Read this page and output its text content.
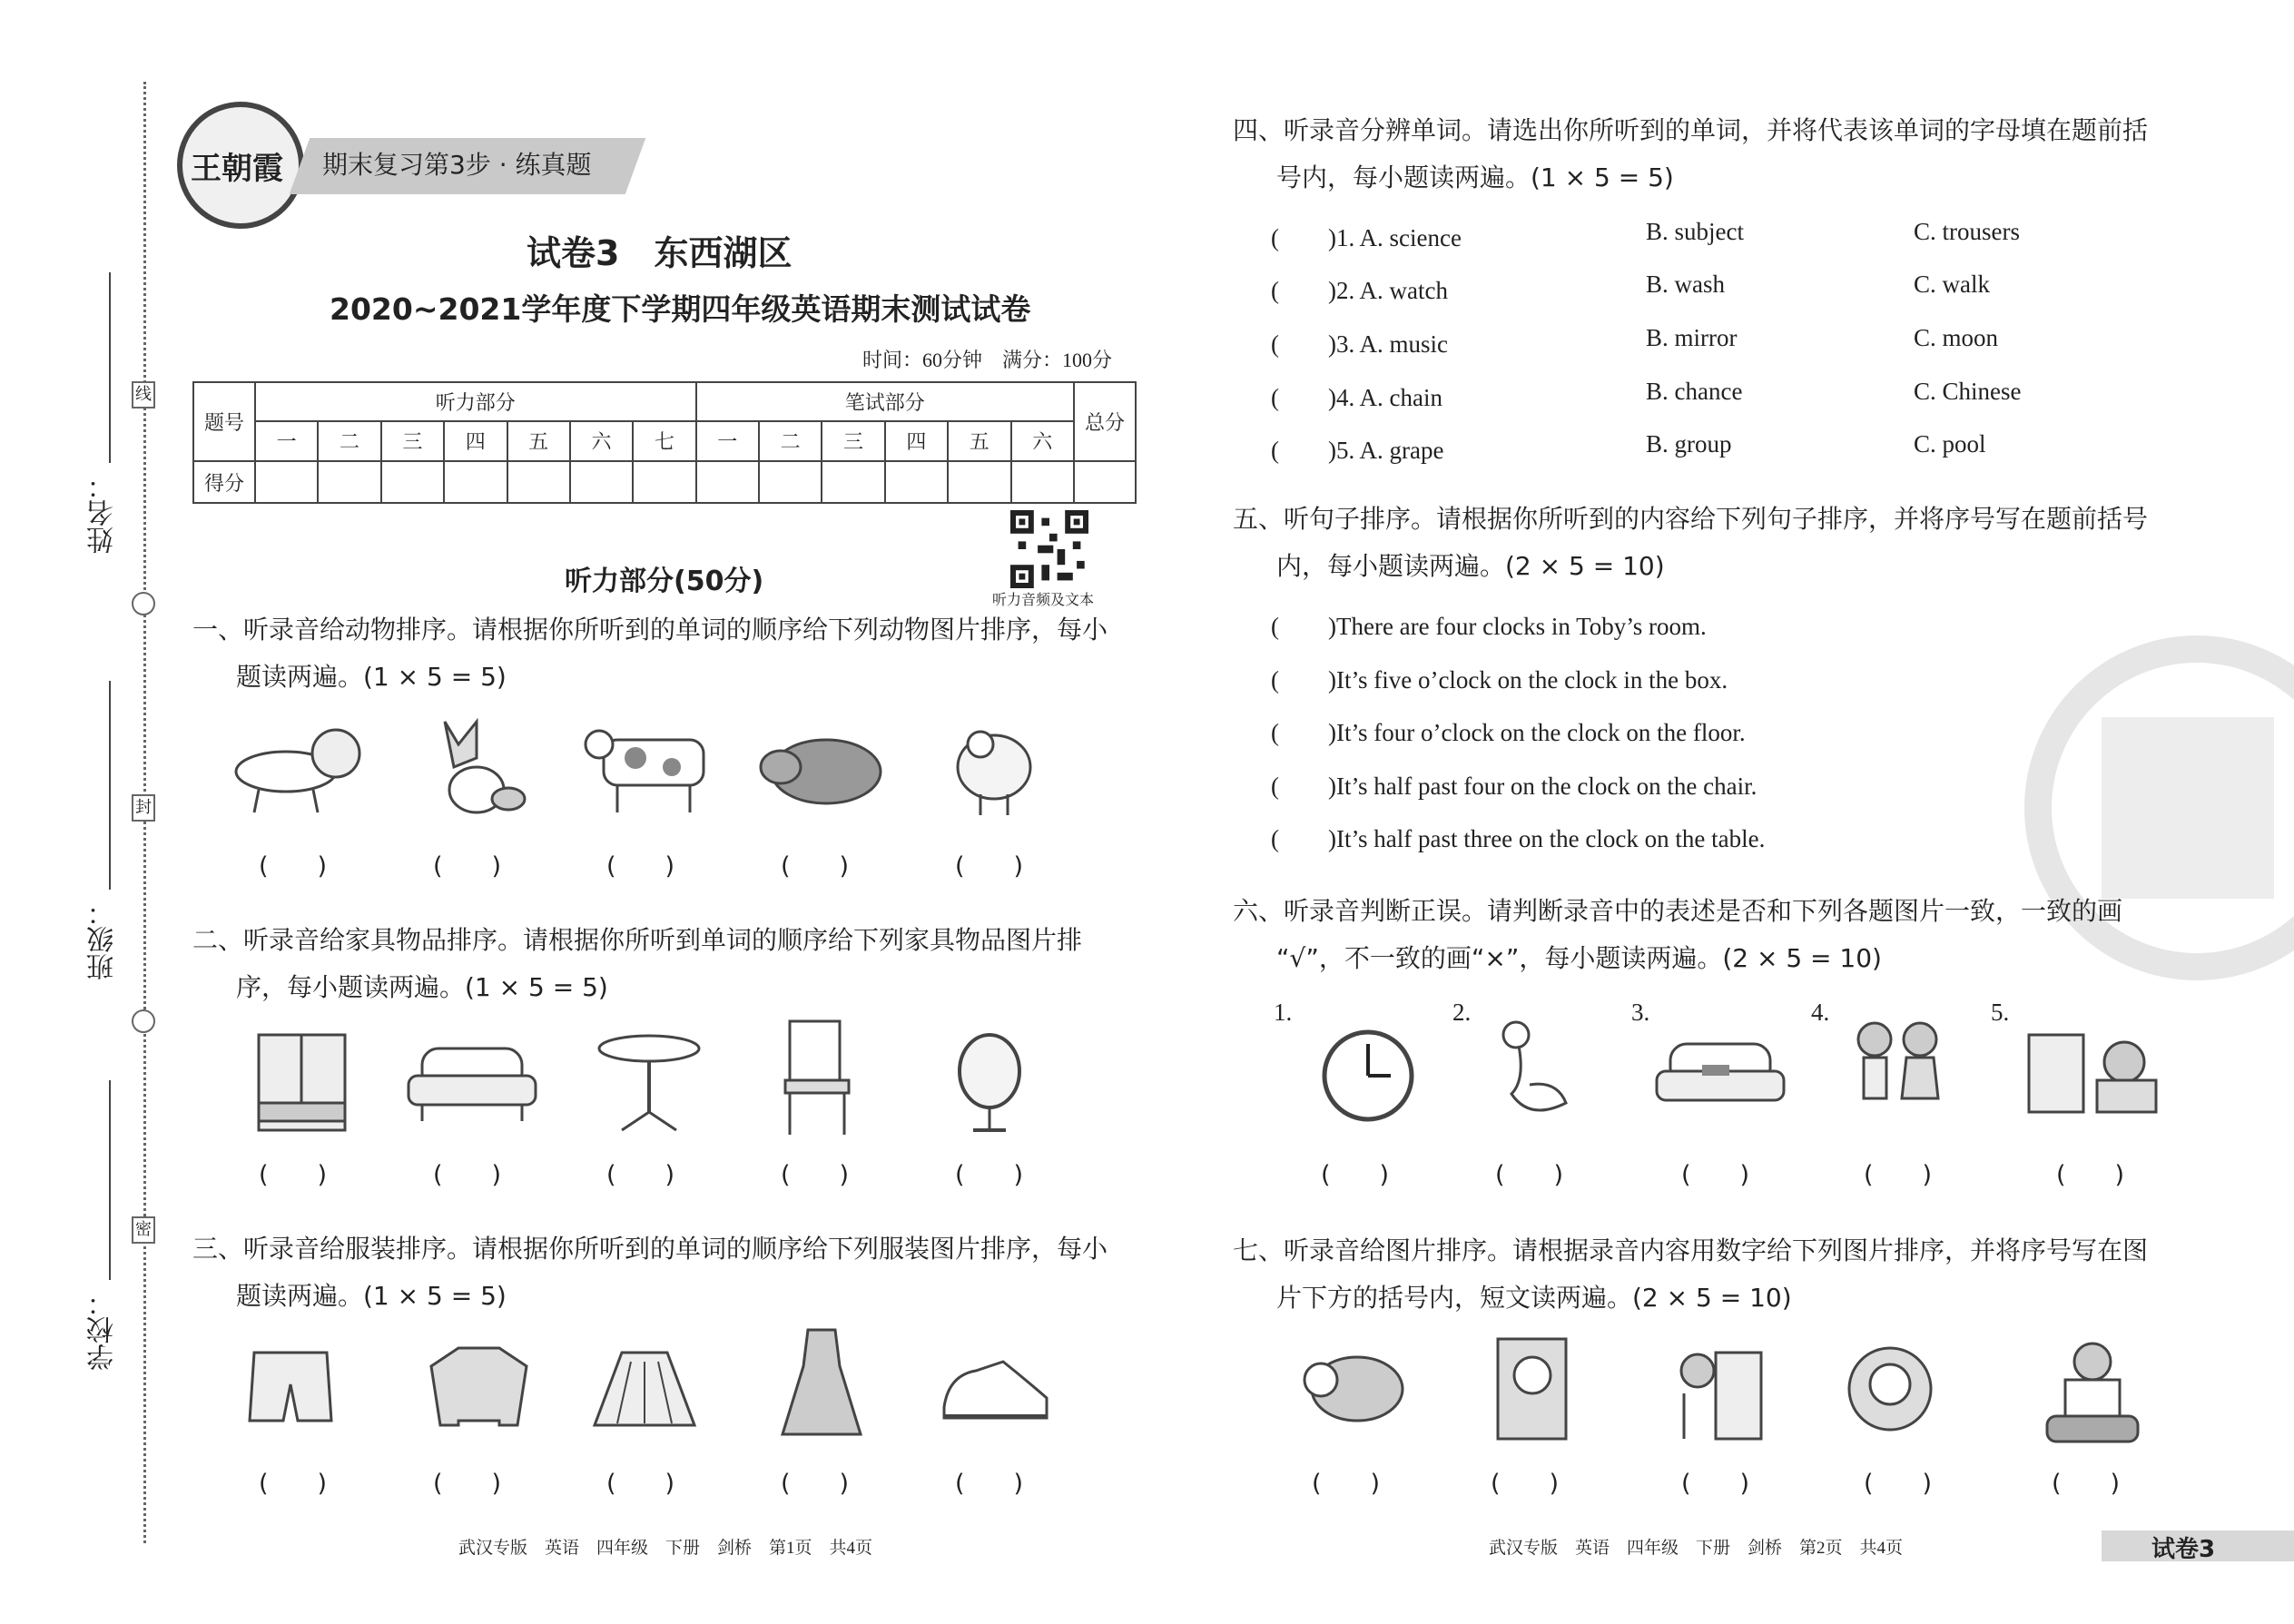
姓名：
班级：
学校：
线
封
密
王朝霞 期末复习第3步 · 练真题
试卷3　东西湖区
2020~2021学年度下学期四年级英语期末测试试卷
时间：60分钟　满分：100分
题号	听力部分							笔试部分						总分
	一	二	三	四	五	六	七	一	二	三	四	五	六	
得分														
听力音频及文本
听力部分(50分)
一、听录音给动物排序。请根据你所听到的单词的顺序给下列动物图片排序，每小
题读两遍。(1 × 5 = 5)
(　　)	(　　)	(　　)	(　　)	(　　)
二、听录音给家具物品排序。请根据你所听到单词的顺序给下列家具物品图片排
序，每小题读两遍。(1 × 5 = 5)
(　　)	(　　)	(　　)	(　　)	(　　)
三、听录音给服装排序。请根据你所听到的单词的顺序给下列服装图片排序，每小
题读两遍。(1 × 5 = 5)
(　　)	(　　)	(　　)	(　　)	(　　)
武汉专版　英语　四年级　下册　剑桥　第1页　共4页
四、听录音分辨单词。请选出你所听到的单词，并将代表该单词的字母填在题前括
号内，每小题读两遍。(1 × 5 = 5)
(　　)1. A. science	B. subject	C. trousers
(　　)2. A. watch	B. wash	C. walk
(　　)3. A. music	B. mirror	C. moon
(　　)4. A. chain	B. chance	C. Chinese
(　　)5. A. grape	B. group	C. pool
五、听句子排序。请根据你所听到的内容给下列句子排序，并将序号写在题前括号
内，每小题读两遍。(2 × 5 = 10)
(　　)There are four clocks in Toby’s room.
(　　)It’s five o’clock on the clock in the box.
(　　)It’s four o’clock on the clock on the floor.
(　　)It’s half past four on the clock on the chair.
(　　)It’s half past three on the clock on the table.
六、听录音判断正误。请判断录音中的表述是否和下列各题图片一致，一致的画
“√”，不一致的画“×”，每小题读两遍。(2 × 5 = 10)
1.	2.	3.	4.	5.
(　　)	(　　)	(　　)	(　　)	(　　)
七、听录音给图片排序。请根据录音内容用数字给下列图片排序，并将序号写在图
片下方的括号内，短文读两遍。(2 × 5 = 10)
(　　)	(　　)	(　　)	(　　)	(　　)
武汉专版　英语　四年级　下册　剑桥　第2页　共4页	试卷3
